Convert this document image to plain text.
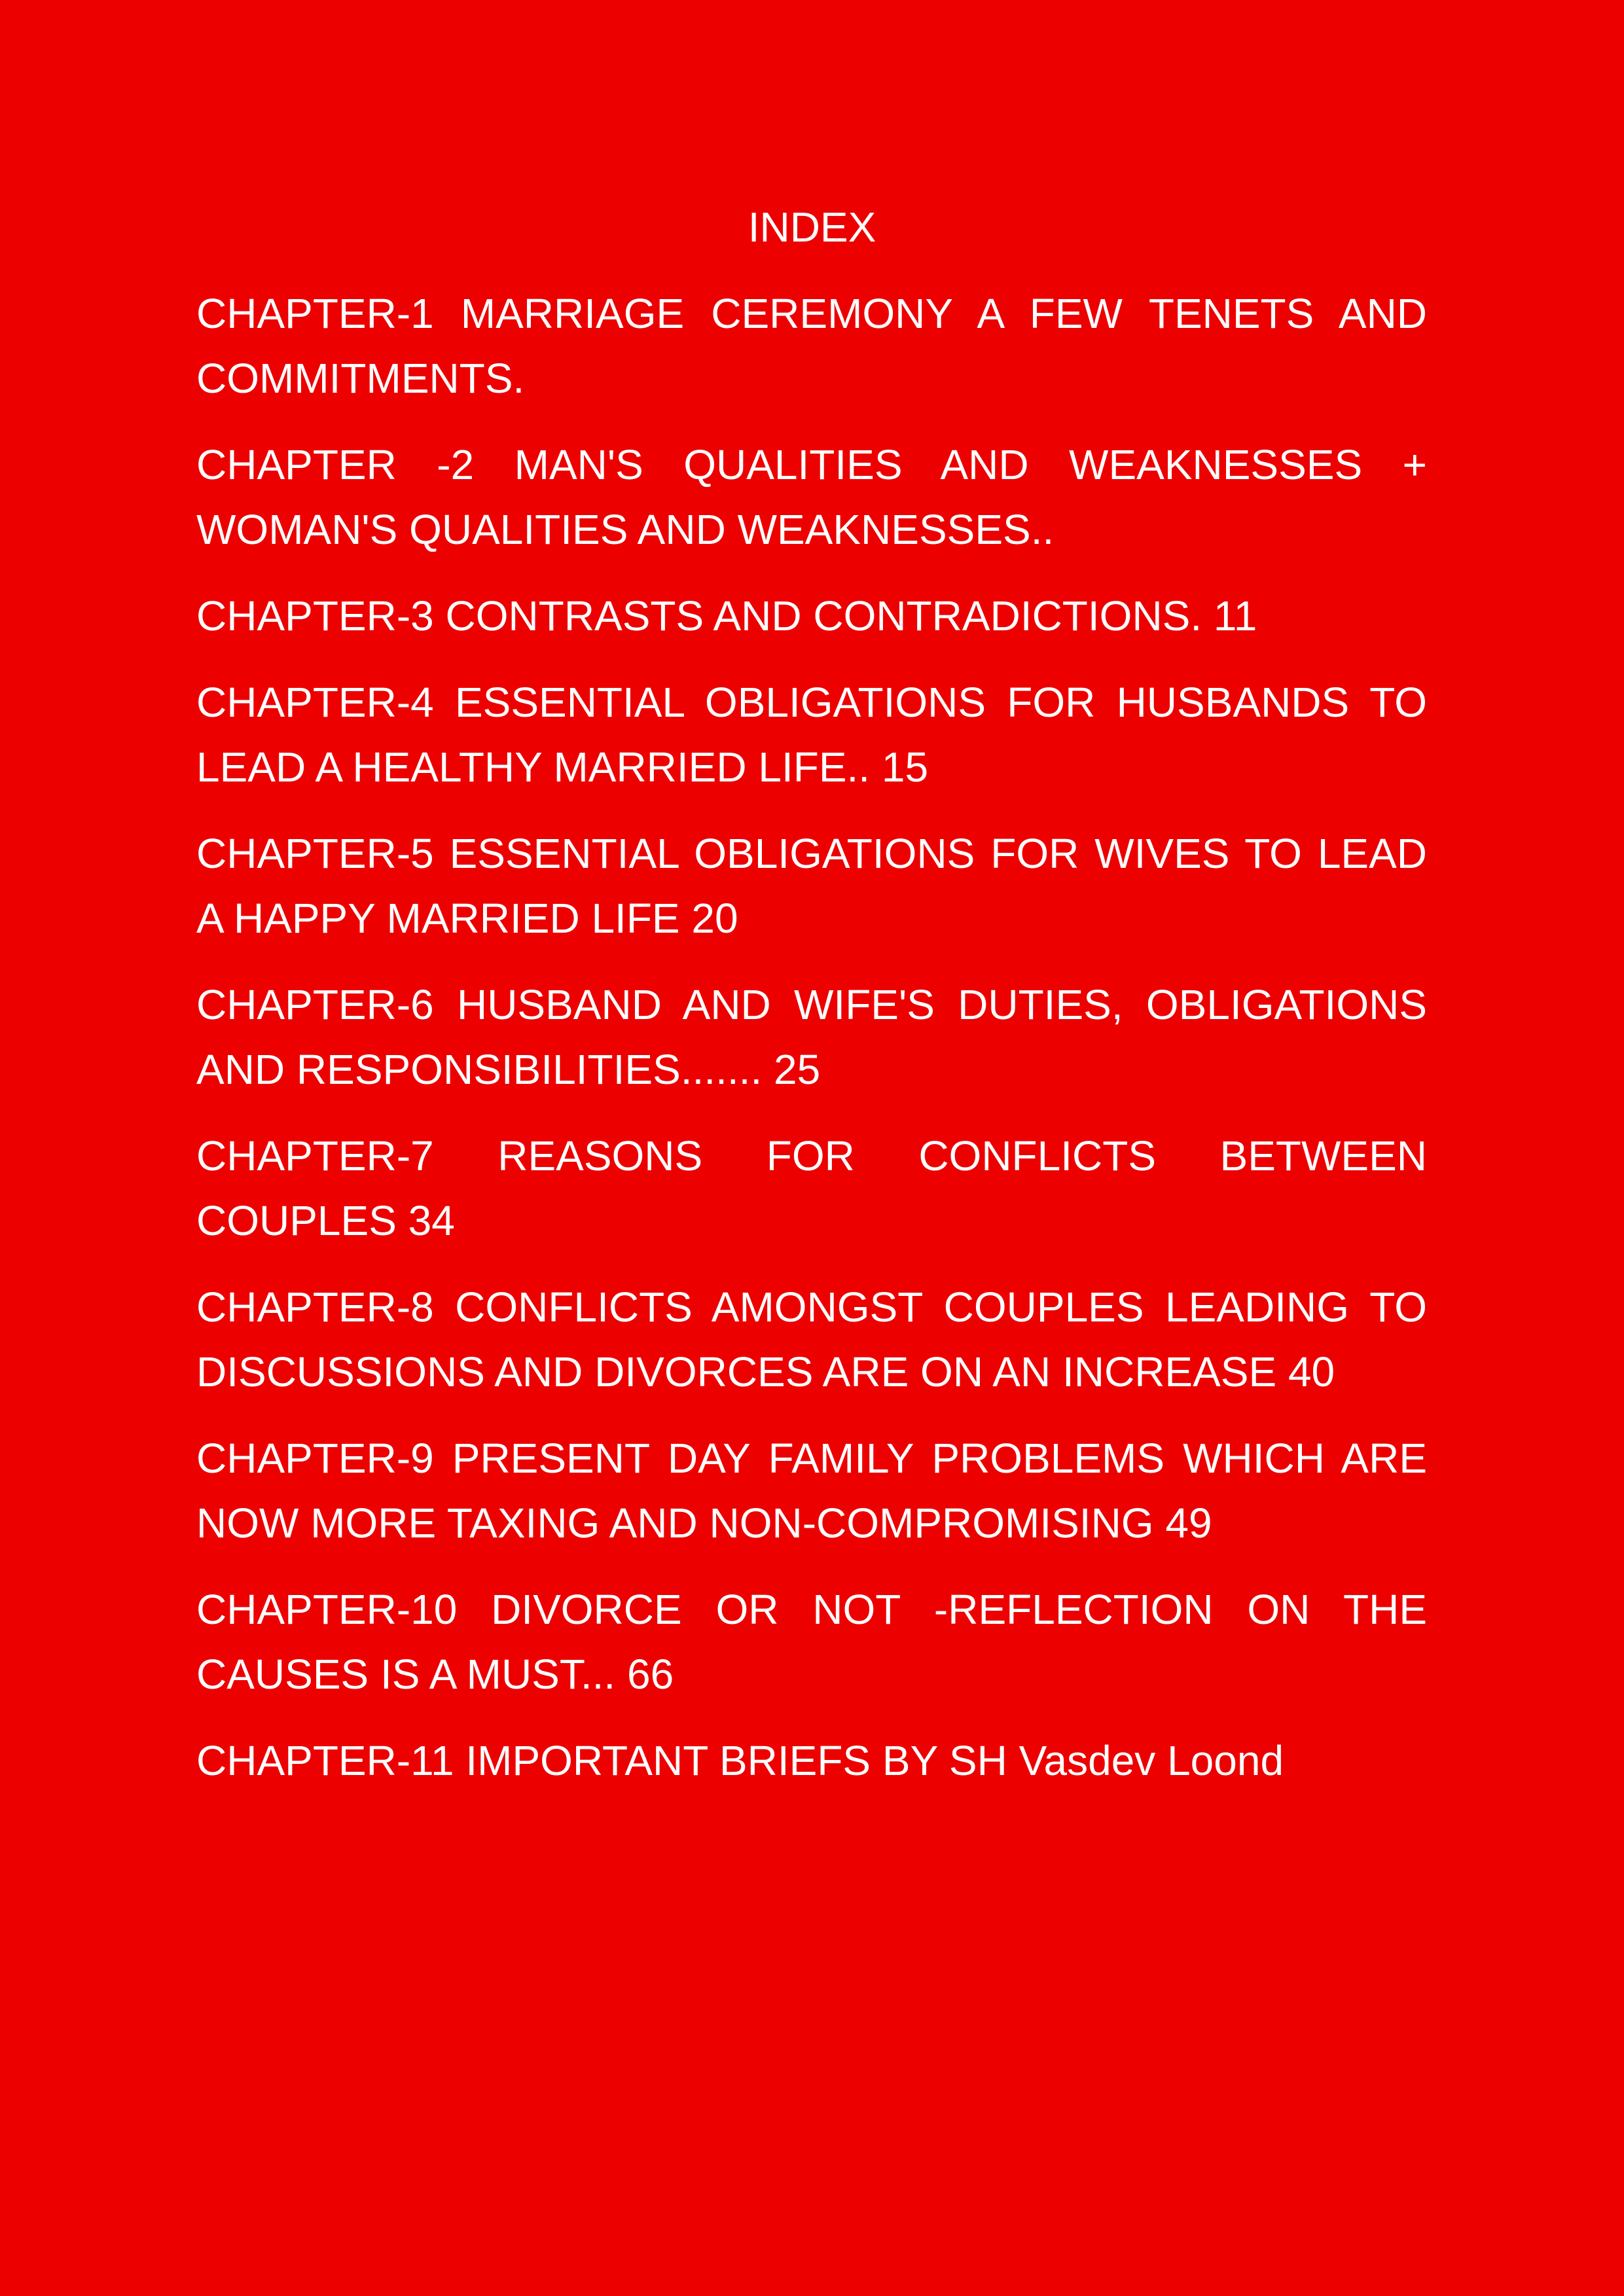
INDEX
CHAPTER-1 MARRIAGE CEREMONY A FEW TENETS AND COMMITMENTS.
CHAPTER -2 MAN'S QUALITIES AND WEAKNESSES + WOMAN'S QUALITIES AND WEAKNESSES..
CHAPTER-3 CONTRASTS AND CONTRADICTIONS. 11
CHAPTER-4 ESSENTIAL OBLIGATIONS FOR HUSBANDS TO LEAD A HEALTHY MARRIED LIFE.. 15
CHAPTER-5 ESSENTIAL OBLIGATIONS FOR WIVES TO LEAD A HAPPY MARRIED LIFE 20
CHAPTER-6 HUSBAND AND WIFE'S DUTIES, OBLIGATIONS AND RESPONSIBILITIES....... 25
CHAPTER-7 REASONS FOR CONFLICTS BETWEEN COUPLES 34
CHAPTER-8 CONFLICTS AMONGST COUPLES LEADING TO DISCUSSIONS AND DIVORCES ARE ON AN INCREASE 40
CHAPTER-9 PRESENT DAY FAMILY PROBLEMS WHICH ARE NOW MORE TAXING AND NON-COMPROMISING 49
CHAPTER-10 DIVORCE OR NOT -REFLECTION ON THE CAUSES IS A MUST... 66
CHAPTER-11 IMPORTANT BRIEFS BY SH Vasdev Loond
